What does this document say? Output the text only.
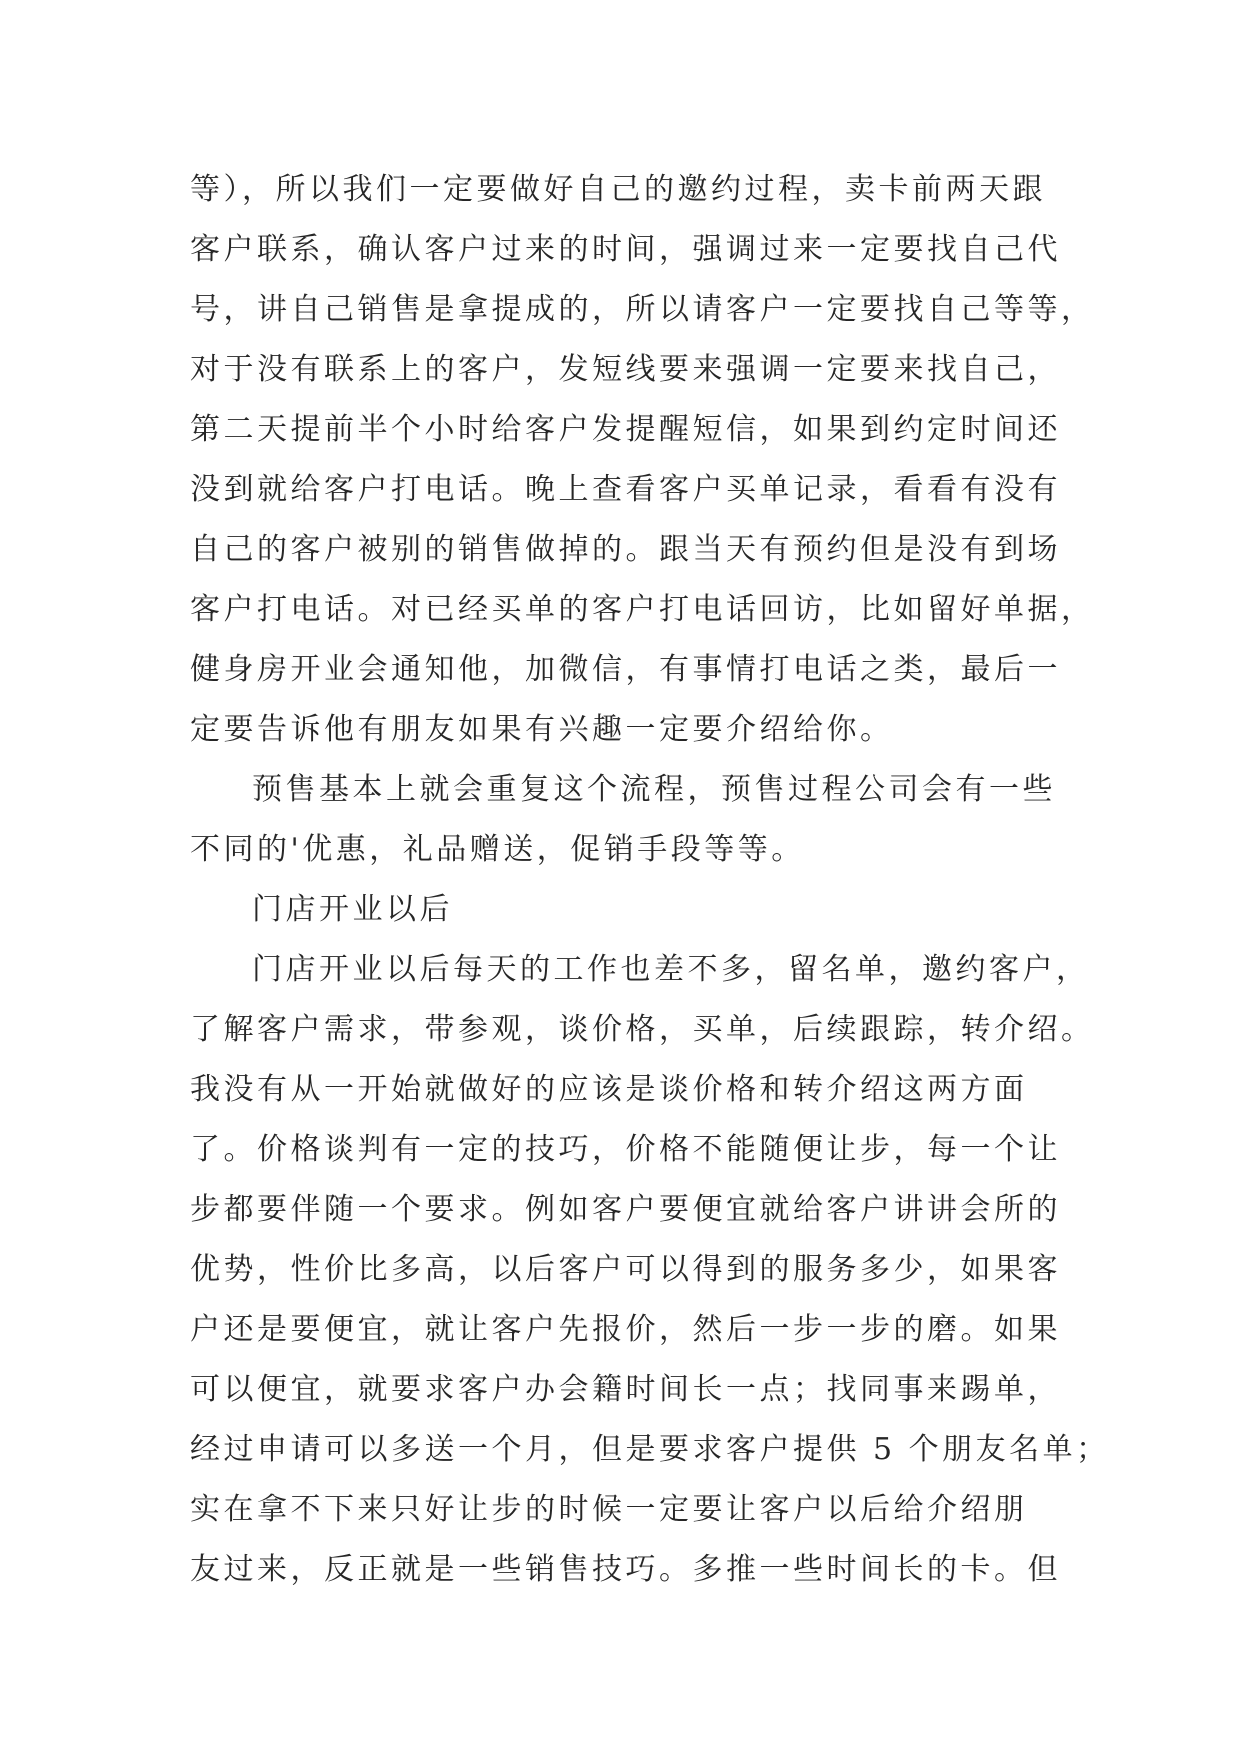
等），所以我们一定要做好自己的邀约过程，卖卡前两天跟
客户联系，确认客户过来的时间，强调过来一定要找自己代
号，讲自己销售是拿提成的，所以请客户一定要找自己等等，
对于没有联系上的客户，发短线要来强调一定要来找自己，
第二天提前半个小时给客户发提醒短信，如果到约定时间还
没到就给客户打电话。晚上查看客户买单记录，看看有没有
自己的客户被别的销售做掉的。跟当天有预约但是没有到场
客户打电话。对已经买单的客户打电话回访，比如留好单据，
健身房开业会通知他，加微信，有事情打电话之类，最后一
定要告诉他有朋友如果有兴趣一定要介绍给你。
预售基本上就会重复这个流程，预售过程公司会有一些
不同的'优惠，礼品赠送，促销手段等等。
门店开业以后
门店开业以后每天的工作也差不多，留名单，邀约客户，
了解客户需求，带参观，谈价格，买单，后续跟踪，转介绍。
我没有从一开始就做好的应该是谈价格和转介绍这两方面
了。价格谈判有一定的技巧，价格不能随便让步，每一个让
步都要伴随一个要求。例如客户要便宜就给客户讲讲会所的
优势，性价比多高，以后客户可以得到的服务多少，如果客
户还是要便宜，就让客户先报价，然后一步一步的磨。如果
可以便宜，就要求客户办会籍时间长一点；找同事来踢单，
经过申请可以多送一个月，但是要求客户提供 5 个朋友名单；
实在拿不下来只好让步的时候一定要让客户以后给介绍朋
友过来，反正就是一些销售技巧。多推一些时间长的卡。但
